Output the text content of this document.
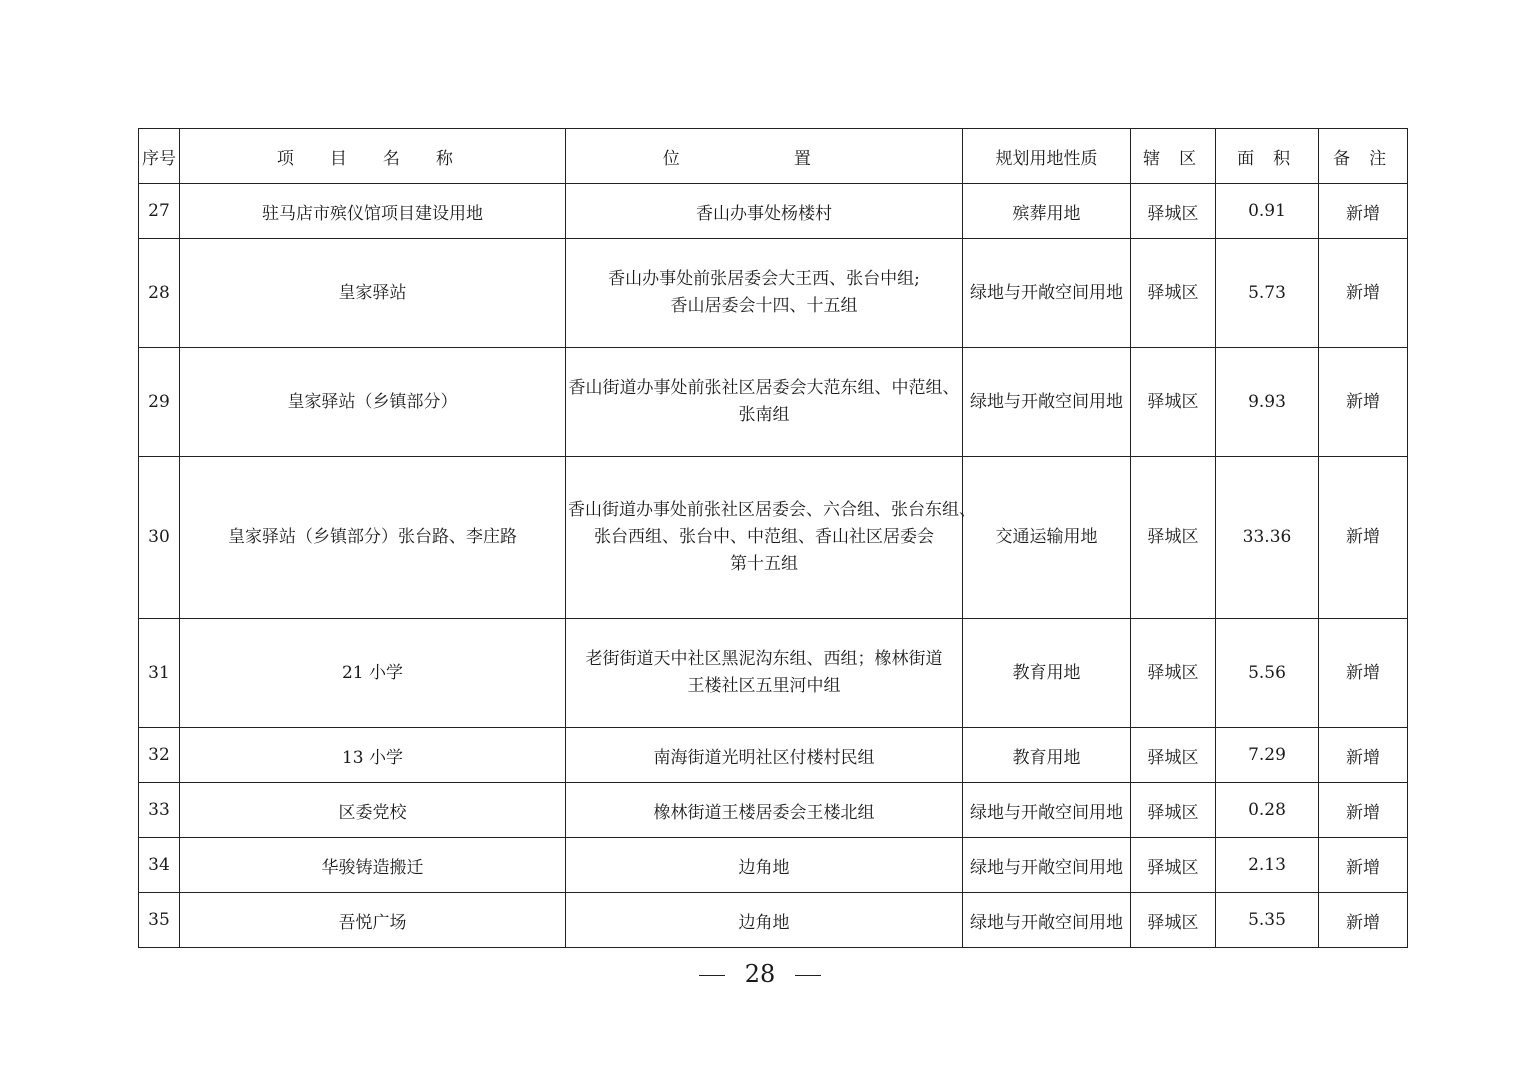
序号	项 目 名 称	位 置	规划用地性质	辖 区	面 积	备 注
27	驻马店市殡仪馆项目建设用地	香山办事处杨楼村	殡葬用地	驿城区	0.91	新增
28	皇家驿站	香山办事处前张居委会大王西、张台中组;
香山居委会十四、十五组	绿地与开敞空间用地	驿城区	5.73	新增
29	皇家驿站（乡镇部分）	香山街道办事处前张社区居委会大范东组、中范组、
张南组	绿地与开敞空间用地	驿城区	9.93	新增
30	皇家驿站（乡镇部分）张台路、李庄路	香山街道办事处前张社区居委会、六合组、张台东组、
张台西组、张台中、中范组、香山社区居委会
第十五组	交通运输用地	驿城区	33.36	新增
31	21 小学	老街街道天中社区黑泥沟东组、西组；橡林街道
王楼社区五里河中组	教育用地	驿城区	5.56	新增
32	13 小学	南海街道光明社区付楼村民组	教育用地	驿城区	7.29	新增
33	区委党校	橡林街道王楼居委会王楼北组	绿地与开敞空间用地	驿城区	0.28	新增
34	华骏铸造搬迁	边角地	绿地与开敞空间用地	驿城区	2.13	新增
35	吾悦广场	边角地	绿地与开敞空间用地	驿城区	5.35	新增
28
